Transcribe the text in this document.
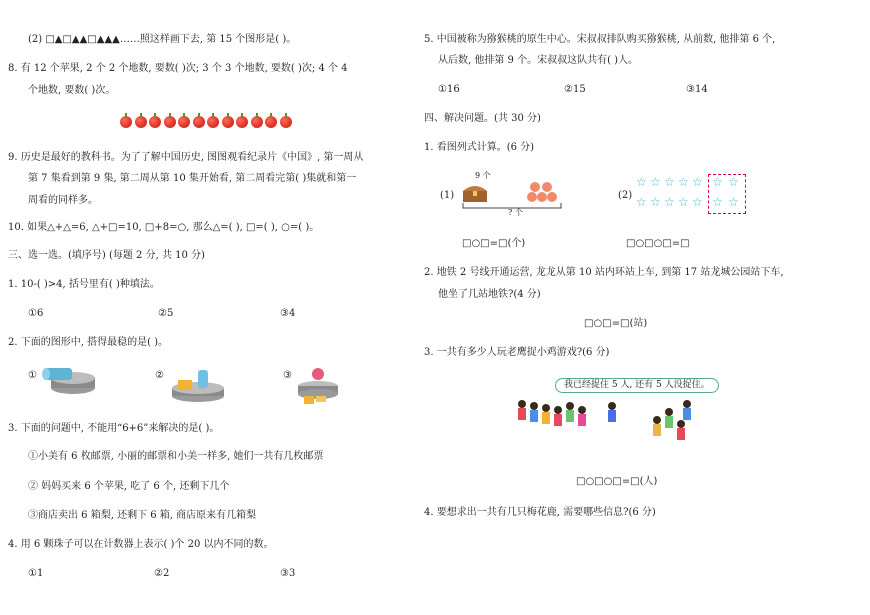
(2) □▲□▲▲□▲▲▲……照这样画下去, 第 15 个图形是( )。
8. 有 12 个苹果, 2 个 2 个地数, 要数( )次; 3 个 3 个地数, 要数( )次; 4 个 4
个地数, 要数( )次。
9. 历史是最好的教科书。为了了解中国历史, 图图观看纪录片《中国》, 第一周从
第 7 集看到第 9 集, 第二周从第 10 集开始看, 第二周看完第( )集就和第一
周看的同样多。
10. 如果△+△=6, △+□=10, □+8=○, 那么△=( ), □=( ), ○=( )。
三、选一选。(填序号) (每题 2 分, 共 10 分)
1. 10-( )>4, 括号里有( )种填法。
①6	②5	③4
2. 下面的图形中, 搭得最稳的是( )。
①	②	③
3. 下面的问题中, 不能用“6+6”来解决的是( )。
①小美有 6 枚邮票, 小丽的邮票和小美一样多, 她们一共有几枚邮票
② 妈妈买来 6 个苹果, 吃了 6 个, 还剩下几个
③商店卖出 6 箱梨, 还剩下 6 箱, 商店原来有几箱梨
4. 用 6 颗珠子可以在计数器上表示( )个 20 以内不同的数。
①1	②2	③3
5. 中国被称为猕猴桃的原生中心。宋叔叔排队购买猕猴桃, 从前数, 他排第 6 个,
从后数, 他排第 9 个。宋叔叔这队共有( )人。
①16	②15	③14
四、解决问题。(共 30 分)
1. 看图列式计算。(6 分)
(1)
9 个
? 个
(2)
☆ ☆ ☆ ☆ ☆ ☆ ☆
☆ ☆ ☆ ☆ ☆ ☆ ☆
□○□=□(个)	□○□○□=□
2. 地铁 2 号线开通运营, 龙龙从第 10 站内环站上车, 到第 17 站龙城公园站下车,
他坐了几站地铁?(4 分)
□○□=□(站)
3. 一共有多少人玩老鹰捉小鸡游戏?(6 分)
我已经捉住 5 人, 还有 5 人没捉住。
□○□○□=□(人)
4. 要想求出一共有几只梅花鹿, 需要哪些信息?(6 分)
